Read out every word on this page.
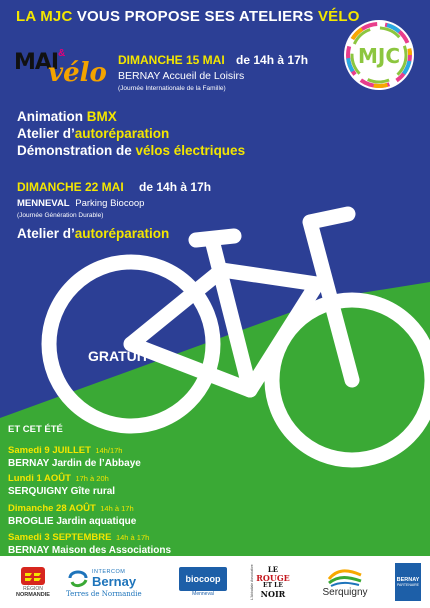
LA MJC VOUS PROPOSE SES ATELIERS VÉLO
MAI &
vélo
MJC
DIMANCHE 15 MAI de 14h à 17h
BERNAY Accueil de Loisirs
(Journée Internationale de la Famille)
Animation BMX
Atelier d’autoréparation
Démonstration de vélos électriques
DIMANCHE 22 MAI de 14h à 17h
MENNEVAL Parking Biocoop
(Journée Génération Durable)
Atelier d’autoréparation
GRATUIT
ET CET ÉTÉ
Samedi 9 JUILLET 14h/17h
BERNAY Jardin de l’Abbaye
Lundi 1 AOÛT 17h à 20h
SERQUIGNY Gîte rural
Dimanche 28 AOÛT 14h à 17h
BROGLIE Jardin aquatique
Samedi 3 SEPTEMBRE 14h à 17h
BERNAY Maison des Associations
RÉGION
NORMANDIE
INTERCOM
Bernay
Terres de Normandie
biocoop
Menneval	L'Abbatiale Associative LE
ROUGE
ET LE
NOIR	Serquigny
BERNAY
PARTENAIRE
